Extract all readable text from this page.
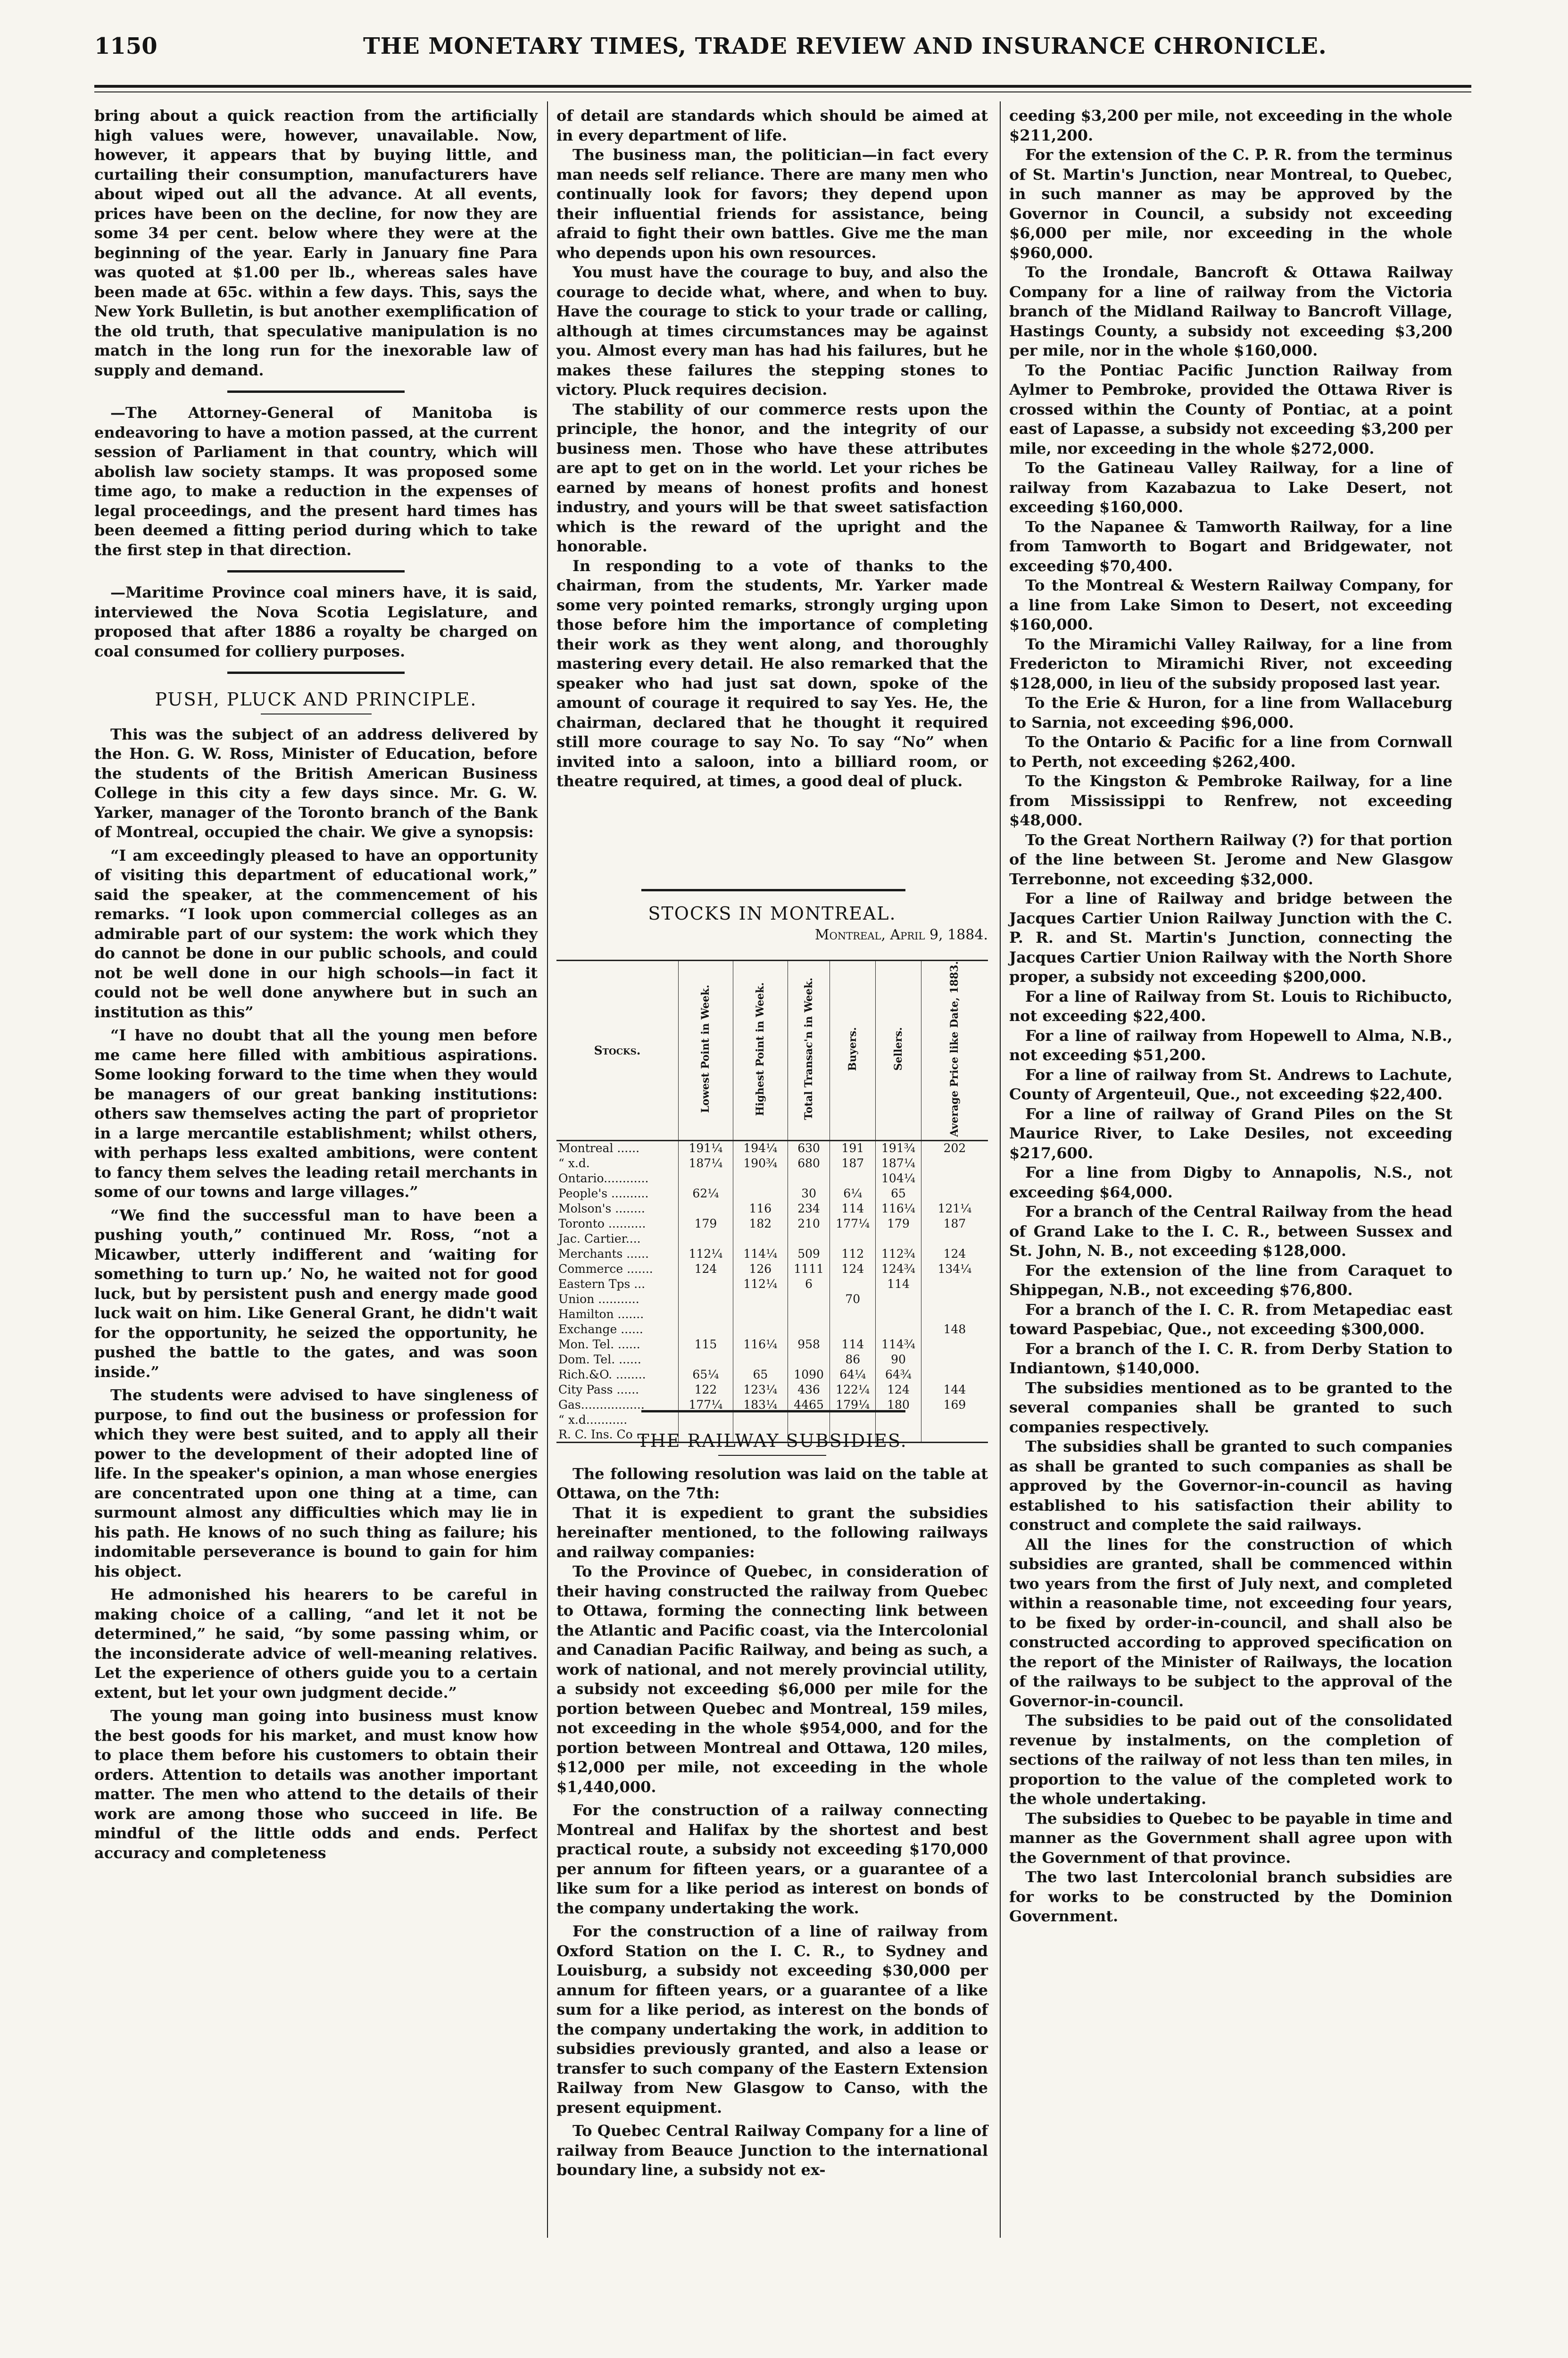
1150	THE MONETARY TIMES, TRADE REVIEW AND INSURANCE CHRONICLE.

bring about a quick reaction from the artificially high values were, however, unavailable. Now, however, it appears that by buying little, and curtailing their consumption, manufacturers have about wiped out all the advance. At all events, prices have been on the decline, for now they are some 34 per cent. below where they were at the beginning of the year. Early in January fine Para was quoted at $1.00 per lb., whereas sales have been made at 65c. within a few days. This, says the New York Bulletin, is but another exemplification of the old truth, that speculative manipulation is no match in the long run for the inexorable law of supply and demand.

—The Attorney-General of Manitoba is endeavoring to have a motion passed, at the current session of Parliament in that country, which will abolish law society stamps. It was proposed some time ago, to make a reduction in the expenses of legal proceedings, and the present hard times has been deemed a fitting period during which to take the first step in that direction.

—Maritime Province coal miners have, it is said, interviewed the Nova Scotia Legislature, and proposed that after 1886 a royalty be charged on coal consumed for colliery purposes.

PUSH, PLUCK AND PRINCIPLE.

This was the subject of an address delivered by the Hon. G. W. Ross, Minister of Education, before the students of the British American Business College in this city a few days since. Mr. G. W. Yarker, manager of the Toronto branch of the Bank of Montreal, occupied the chair. We give a synopsis:

“I am exceedingly pleased to have an opportunity of visiting this department of educational work,” said the speaker, at the commencement of his remarks. “I look upon commercial colleges as an admirable part of our system: the work which they do cannot be done in our public schools, and could not be well done in our high schools—in fact it could not be well done anywhere but in such an institution as this”

“I have no doubt that all the young men before me came here filled with ambitious aspirations. Some looking forward to the time when they would be managers of our great banking institutions: others saw themselves acting the part of proprietor in a large mercantile establishment; whilst others, with perhaps less exalted ambitions, were content to fancy them selves the leading retail merchants in some of our towns and large villages.”

“We find the successful man to have been a pushing youth,” continued Mr. Ross, “not a Micawber, utterly indifferent and ‘waiting for something to turn up.’ No, he waited not for good luck, but by persistent push and energy made good luck wait on him. Like General Grant, he didn't wait for the opportunity, he seized the opportunity, he pushed the battle to the gates, and was soon inside.”

The students were advised to have singleness of purpose, to find out the business or profession for which they were best suited, and to apply all their power to the development of their adopted line of life. In the speaker's opinion, a man whose energies are concentrated upon one thing at a time, can surmount almost any difficulties which may lie in his path. He knows of no such thing as failure; his indomitable perseverance is bound to gain for him his object.

He admonished his hearers to be careful in making choice of a calling, “and let it not be determined,” he said, “by some passing whim, or the inconsiderate advice of well-meaning relatives. Let the experience of others guide you to a certain extent, but let your own judgment decide.”

The young man going into business must know the best goods for his market, and must know how to place them before his customers to obtain their orders. Attention to details was another important matter. The men who attend to the details of their work are among those who succeed in life. Be mindful of the little odds and ends. Perfect accuracy and completeness

of detail are standards which should be aimed at in every department of life.

The business man, the politician—in fact every man needs self reliance. There are many men who continually look for favors; they depend upon their influential friends for assistance, being afraid to fight their own battles. Give me the man who depends upon his own resources.

You must have the courage to buy, and also the courage to decide what, where, and when to buy. Have the courage to stick to your trade or calling, although at times circumstances may be against you. Almost every man has had his failures, but he makes these failures the stepping stones to victory. Pluck requires decision.

The stability of our commerce rests upon the principle, the honor, and the integrity of our business men. Those who have these attributes are apt to get on in the world. Let your riches be earned by means of honest profits and honest industry, and yours will be that sweet satisfaction which is the reward of the upright and the honorable.

In responding to a vote of thanks to the chairman, from the students, Mr. Yarker made some very pointed remarks, strongly urging upon those before him the importance of completing their work as they went along, and thoroughly mastering every detail. He also remarked that the speaker who had just sat down, spoke of the amount of courage it required to say Yes. He, the chairman, declared that he thought it required still more courage to say No. To say “No” when invited into a saloon, into a billiard room, or theatre required, at times, a good deal of pluck.

STOCKS IN MONTREAL.
Montreal, April 9, 1884.
Stocks.	Lowest Point in Week.	Highest Point in Week.	Total Transac'n in Week.	Buyers.	Sellers.	Average Price like Date, 1883.
Montreal ......	191¼	194¼	630	191	191¾	202
“ x.d.	187¼	190¾	680	187	187¼	
Ontario............					104¼	
People's ..........	62¼		30	6¼	65	
Molson's ........		116	234	114	116¼	121¼
Toronto ..........	179	182	210	177¼	179	187
Jac. Cartier....						
Merchants ......	112¼	114¼	509	112	112¾	124
Commerce .......	124	126	1111	124	124¾	134¼
Eastern Tps ...		112¼	6		114	
Union ...........				70		
Hamilton .......						
Exchange ......						148
Mon. Tel. ......	115	116¼	958	114	114¾	
Dom. Tel. ......				86	90	
Rich.&O. ........	65¼	65	1090	64¼	64¾	
City Pass ......	122	123¼	436	122¼	124	144
Gas.................	177¼	183¼	4465	179¼	180	169
“ x.d...........						
R. C. Ins. Co ...						

THE RAILWAY SUBSIDIES.

The following resolution was laid on the table at Ottawa, on the 7th:

That it is expedient to grant the subsidies hereinafter mentioned, to the following railways and railway companies:

To the Province of Quebec, in consideration of their having constructed the railway from Quebec to Ottawa, forming the connecting link between the Atlantic and Pacific coast, via the Intercolonial and Canadian Pacific Railway, and being as such, a work of national, and not merely provincial utility, a subsidy not exceeding $6,000 per mile for the portion between Quebec and Montreal, 159 miles, not exceeding in the whole $954,000, and for the portion between Montreal and Ottawa, 120 miles, $12,000 per mile, not exceeding in the whole $1,440,000.

For the construction of a railway connecting Montreal and Halifax by the shortest and best practical route, a subsidy not exceeding $170,000 per annum for fifteen years, or a guarantee of a like sum for a like period as interest on bonds of the company undertaking the work.

For the construction of a line of railway from Oxford Station on the I. C. R., to Sydney and Louisburg, a subsidy not exceeding $30,000 per annum for fifteen years, or a guarantee of a like sum for a like period, as interest on the bonds of the company undertaking the work, in addition to subsidies previously granted, and also a lease or transfer to such company of the Eastern Extension Railway from New Glasgow to Canso, with the present equipment.

To Quebec Central Railway Company for a line of railway from Beauce Junction to the international boundary line, a subsidy not ex-

ceeding $3,200 per mile, not exceeding in the whole $211,200.

For the extension of the C. P. R. from the terminus of St. Martin's Junction, near Montreal, to Quebec, in such manner as may be approved by the Governor in Council, a subsidy not exceeding $6,000 per mile, nor exceeding in the whole $960,000.

To the Irondale, Bancroft & Ottawa Railway Company for a line of railway from the Victoria branch of the Midland Railway to Bancroft Village, Hastings County, a subsidy not exceeding $3,200 per mile, nor in the whole $160,000.

To the Pontiac Pacific Junction Railway from Aylmer to Pembroke, provided the Ottawa River is crossed within the County of Pontiac, at a point east of Lapasse, a subsidy not exceeding $3,200 per mile, nor exceeding in the whole $272,000.

To the Gatineau Valley Railway, for a line of railway from Kazabazua to Lake Desert, not exceeding $160,000.

To the Napanee & Tamworth Railway, for a line from Tamworth to Bogart and Bridgewater, not exceeding $70,400.

To the Montreal & Western Railway Company, for a line from Lake Simon to Desert, not exceeding $160,000.

To the Miramichi Valley Railway, for a line from Fredericton to Miramichi River, not exceeding $128,000, in lieu of the subsidy proposed last year.

To the Erie & Huron, for a line from Wallaceburg to Sarnia, not exceeding $96,000.

To the Ontario & Pacific for a line from Cornwall to Perth, not exceeding $262,400.

To the Kingston & Pembroke Railway, for a line from Mississippi to Renfrew, not exceeding $48,000.

To the Great Northern Railway (?) for that portion of the line between St. Jerome and New Glasgow Terrebonne, not exceeding $32,000.

For a line of Railway and bridge between the Jacques Cartier Union Railway Junction with the C. P. R. and St. Martin's Junction, connecting the Jacques Cartier Union Railway with the North Shore proper, a subsidy not exceeding $200,000.

For a line of Railway from St. Louis to Richibucto, not exceeding $22,400.

For a line of railway from Hopewell to Alma, N.B., not exceeding $51,200.

For a line of railway from St. Andrews to Lachute, County of Argenteuil, Que., not exceeding $22,400.

For a line of railway of Grand Piles on the St Maurice River, to Lake Desiles, not exceeding $217,600.

For a line from Digby to Annapolis, N.S., not exceeding $64,000.

For a branch of the Central Railway from the head of Grand Lake to the I. C. R., between Sussex and St. John, N. B., not exceeding $128,000.

For the extension of the line from Caraquet to Shippegan, N.B., not exceeding $76,800.

For a branch of the I. C. R. from Metapediac east toward Paspebiac, Que., not exceeding $300,000.

For a branch of the I. C. R. from Derby Station to Indiantown, $140,000.

The subsidies mentioned as to be granted to the several companies shall be granted to such companies respectively.

The subsidies shall be granted to such companies as shall be granted to such companies as shall be approved by the Governor-in-council as having established to his satisfaction their ability to construct and complete the said railways.

All the lines for the construction of which subsidies are granted, shall be commenced within two years from the first of July next, and completed within a reasonable time, not exceeding four years, to be fixed by order-in-council, and shall also be constructed according to approved specification on the report of the Minister of Railways, the location of the railways to be subject to the approval of the Governor-in-council.

The subsidies to be paid out of the consolidated revenue by instalments, on the completion of sections of the railway of not less than ten miles, in proportion to the value of the completed work to the whole undertaking.

The subsidies to Quebec to be payable in time and manner as the Government shall agree upon with the Government of that province.

The two last Intercolonial branch subsidies are for works to be constructed by the Dominion Government.
